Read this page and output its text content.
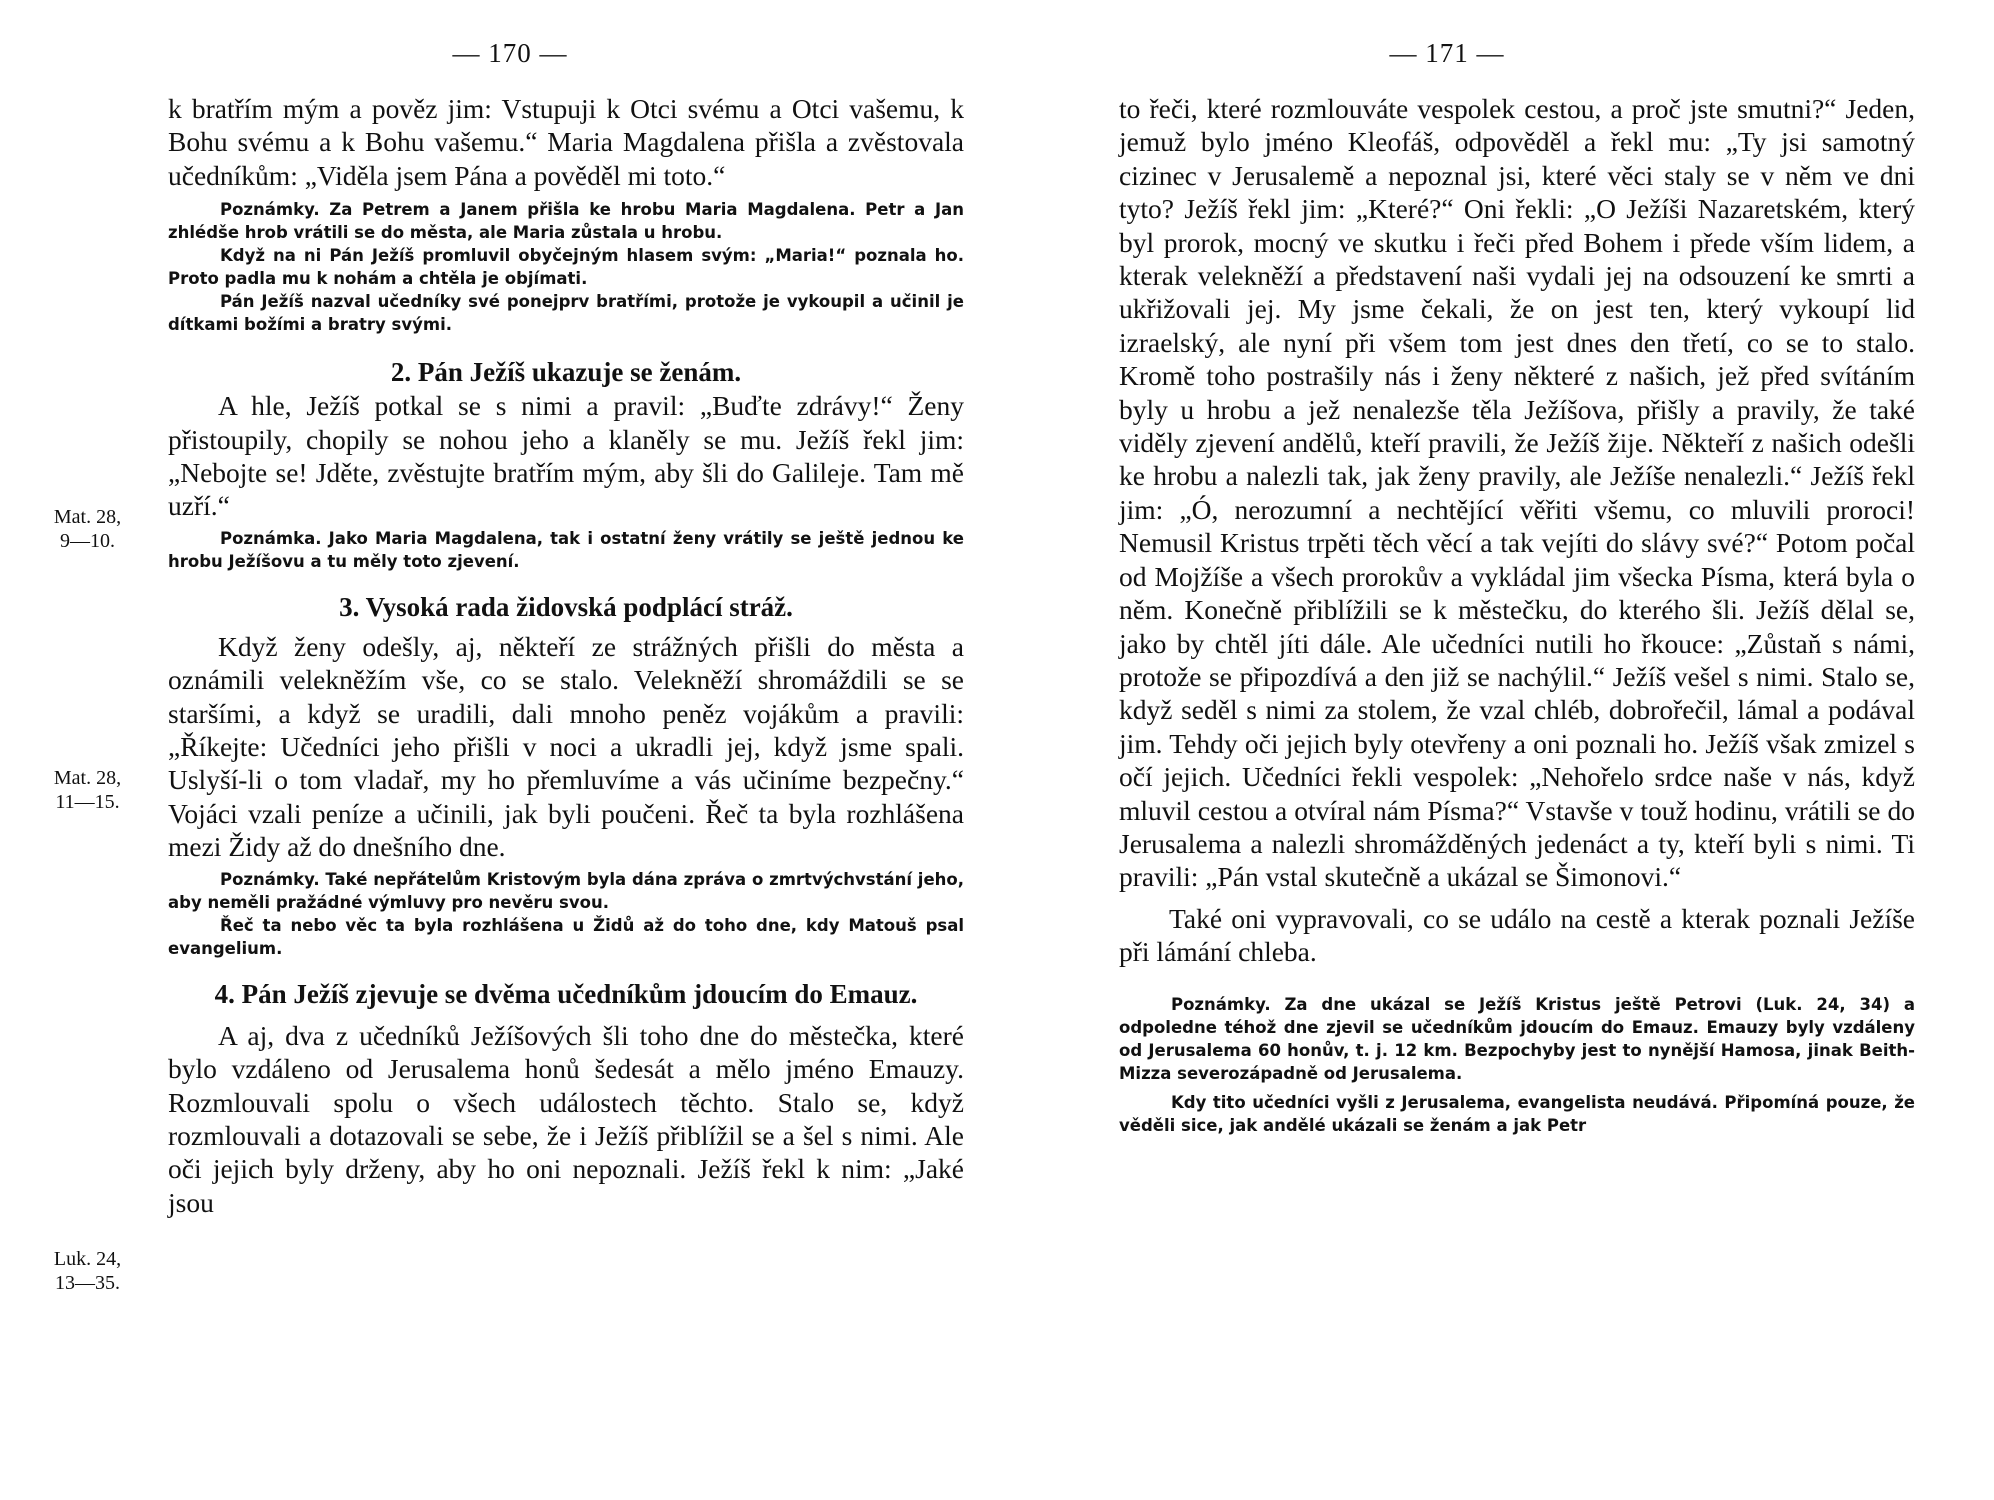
— 170 —
Mat. 28,
9—10.
Mat. 28,
11—15.
Luk. 24,
13—35.

k bratřím mým a pověz jim: Vstupuji k Otci svému a Otci vašemu, k Bohu svému a k Bohu vašemu.“ Maria Magdalena přišla a zvěstovala učedníkům: „Viděla jsem Pána a pověděl mi toto.“

Poznámky. Za Petrem a Janem přišla ke hrobu Maria Magdalena. Petr a Jan zhlédše hrob vrátili se do města, ale Maria zůstala u hrobu.

Když na ni Pán Ježíš promluvil obyčejným hlasem svým: „Maria!“ poznala ho. Proto padla mu k nohám a chtěla je objímati.

Pán Ježíš nazval učedníky své ponejprv bratřími, protože je vykoupil a učinil je dítkami božími a bratry svými.

2. Pán Ježíš ukazuje se ženám.

A hle, Ježíš potkal se s nimi a pravil: „Buďte zdrávy!“ Ženy přistoupily, chopily se nohou jeho a klaněly se mu. Ježíš řekl jim: „Nebojte se! Jděte, zvěstujte bratřím mým, aby šli do Galileje. Tam mě uzří.“

Poznámka. Jako Maria Magdalena, tak i ostatní ženy vrátily se ještě jednou ke hrobu Ježíšovu a tu měly toto zjevení.

3. Vysoká rada židovská podplácí stráž.

Když ženy odešly, aj, někteří ze strážných přišli do města a oznámili velekněžím vše, co se stalo. Velekněží shromáždili se se staršími, a když se uradili, dali mnoho peněz vojákům a pravili: „Říkejte: Učedníci jeho přišli v noci a ukradli jej, když jsme spali. Uslyší-li o tom vladař, my ho přemluvíme a vás učiníme bezpečny.“ Vojáci vzali peníze a učinili, jak byli poučeni. Řeč ta byla rozhlášena mezi Židy až do dnešního dne.

Poznámky. Také nepřátelům Kristovým byla dána zpráva o zmrtvýchvstání jeho, aby neměli pražádné výmluvy pro nevěru svou.

Řeč ta nebo věc ta byla rozhlášena u Židů až do toho dne, kdy Matouš psal evangelium.

4. Pán Ježíš zjevuje se dvěma učedníkům jdoucím do Emauz.

A aj, dva z učedníků Ježíšových šli toho dne do městečka, které bylo vzdáleno od Jerusalema honů šedesát a mělo jméno Emauzy. Rozmlouvali spolu o všech událostech těchto. Stalo se, když rozmlouvali a dotazovali se sebe, že i Ježíš přiblížil se a šel s nimi. Ale oči jejich byly drženy, aby ho oni nepoznali. Ježíš řekl k nim: „Jaké jsou

— 171 —

to řeči, které rozmlouváte vespolek cestou, a proč jste smutni?“ Jeden, jemuž bylo jméno Kleofáš, odpověděl a řekl mu: „Ty jsi samotný cizinec v Jerusalemě a nepoznal jsi, které věci staly se v něm ve dni tyto? Ježíš řekl jim: „Které?“ Oni řekli: „O Ježíši Nazaretském, který byl prorok, mocný ve skutku i řeči před Bohem i přede vším lidem, a kterak velekněží a představení naši vydali jej na odsouzení ke smrti a ukřižovali jej. My jsme čekali, že on jest ten, který vykoupí lid izraelský, ale nyní při všem tom jest dnes den třetí, co se to stalo. Kromě toho postrašily nás i ženy některé z našich, jež před svítáním byly u hrobu a jež nenalezše těla Ježíšova, přišly a pravily, že také viděly zjevení andělů, kteří pravili, že Ježíš žije. Někteří z našich odešli ke hrobu a nalezli tak, jak ženy pravily, ale Ježíše nenalezli.“ Ježíš řekl jim: „Ó, nerozumní a nechtějící věřiti všemu, co mluvili proroci! Nemusil Kristus trpěti těch věcí a tak vejíti do slávy své?“ Potom počal od Mojžíše a všech prorokův a vykládal jim všecka Písma, která byla o něm. Konečně přiblížili se k městečku, do kterého šli. Ježíš dělal se, jako by chtěl jíti dále. Ale učedníci nutili ho řkouce: „Zůstaň s námi, protože se připozdívá a den již se nachýlil.“ Ježíš vešel s nimi. Stalo se, když seděl s nimi za stolem, že vzal chléb, dobrořečil, lámal a podával jim. Tehdy oči jejich byly otevřeny a oni poznali ho. Ježíš však zmizel s očí jejich. Učedníci řekli vespolek: „Nehořelo srdce naše v nás, když mluvil cestou a otvíral nám Písma?“ Vstavše v touž hodinu, vrátili se do Jerusalema a nalezli shromážděných jedenáct a ty, kteří byli s nimi. Ti pravili: „Pán vstal skutečně a ukázal se Šimonovi.“

Také oni vypravovali, co se událo na cestě a kterak poznali Ježíše při lámání chleba.

Poznámky. Za dne ukázal se Ježíš Kristus ještě Petrovi (Luk. 24, 34) a odpoledne téhož dne zjevil se učedníkům jdoucím do Emauz. Emauzy byly vzdáleny od Jerusalema 60 honův, t. j. 12 km. Bezpochyby jest to nynější Hamosa, jinak Beith-Mizza severozápadně od Jerusalema.

Kdy tito učedníci vyšli z Jerusalema, evangelista neudává. Připomíná pouze, že věděli sice, jak andělé ukázali se ženám a jak Petr
